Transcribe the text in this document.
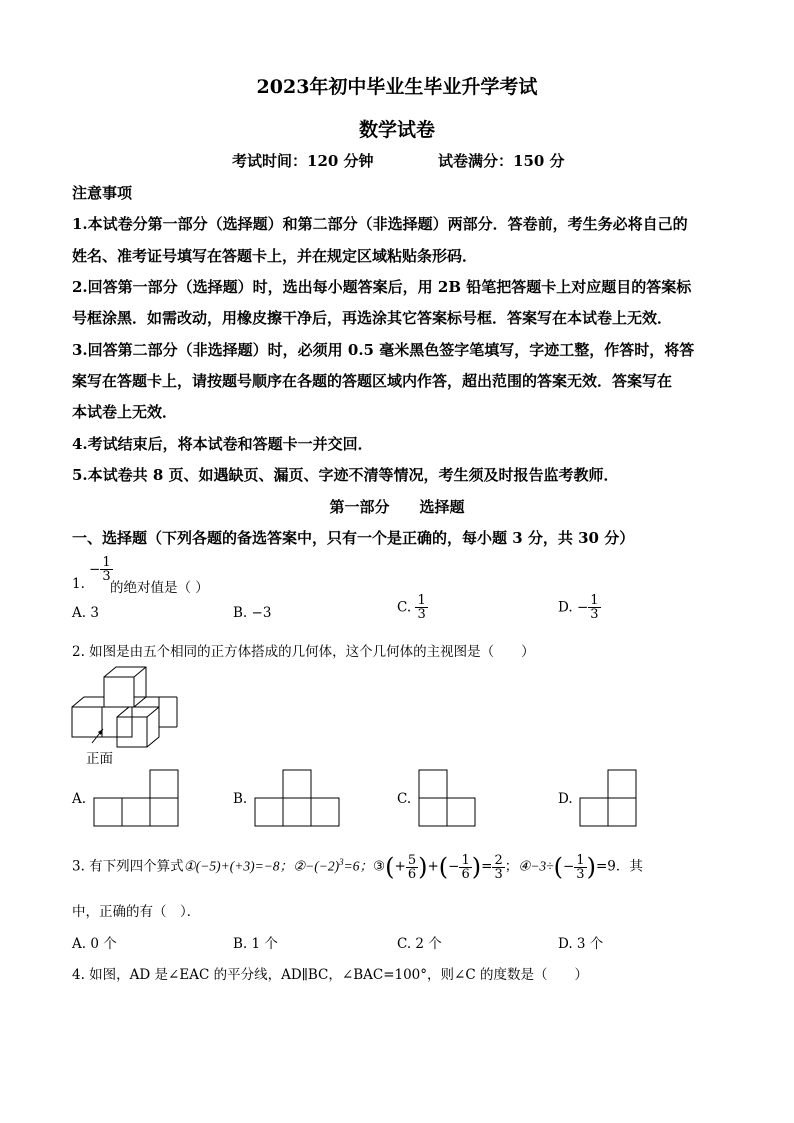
2023年初中毕业生毕业升学考试
数学试卷
考试时间：120 分钟	试卷满分：150 分
注意事项
1.本试卷分第一部分（选择题）和第二部分（非选择题）两部分．答卷前，考生务必将自己的
姓名、准考证号填写在答题卡上，并在规定区域粘贴条形码．
2.回答第一部分（选择题）时，选出每小题答案后，用 2B 铅笔把答题卡上对应题目的答案标
号框涂黑．如需改动，用橡皮擦干净后，再选涂其它答案标号框．答案写在本试卷上无效．
3.回答第二部分（非选择题）时，必须用 0.5 毫米黑色签字笔填写，字迹工整，作答时，将答
案写在答题卡上，请按题号顺序在各题的答题区域内作答，超出范围的答案无效．答案写在
本试卷上无效．
4.考试结束后，将本试卷和答题卡一并交回．
5.本试卷共 8 页、如遇缺页、漏页、字迹不清等情况，考生须及时报告监考教师．
第一部分　　选择题
一、选择题（下列各题的备选答案中，只有一个是正确的，每小题 3 分，共 30 分）
1.
− $\frac{1}{3}$
的绝对值是（ ）
A. 3	B. −3	C. $\frac{1}{3}$	D. − $\frac{1}{3}$
2. 如图是由五个相同的正方体搭成的几何体，这个几何体的主视图是（　　）
正面
A.	B.	C.	D.
3. 有下列四个算式①(−5)+(+3)=−8；$②-(-2)^3=6$；③(+ $\frac{5}{6}$ )+(− $\frac{1}{6}$ )= $\frac{2}{3}$ ；④−3÷(− $\frac{1}{3} )=9$．其
中，正确的有（　）．
A. 0 个	B. 1 个	C. 2 个	D. 3 个
4. 如图，AD 是∠EAC 的平分线，AD∥BC，∠BAC=100°，则∠C 的度数是（　　）
